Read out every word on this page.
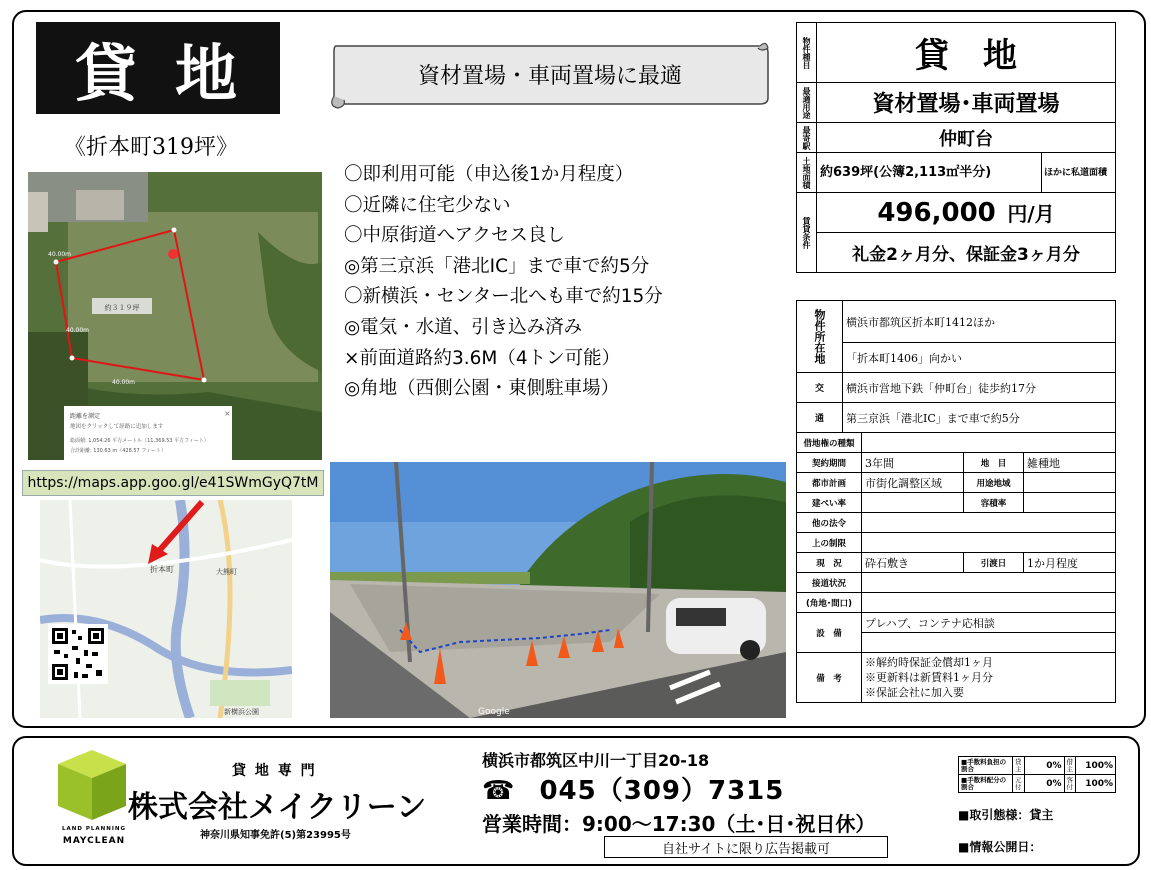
貸 地	資材置場・車両置場に最適
《折本町319坪》
約３１９坪
40.00m
40.00m
40.00m
距離を測定
地図をクリックして経路に追加します
総面積: 1,054.26 平方メートル（11,369.53 平方フィート）
合計距離: 130.63 m（428.57 フィート）
×
〇即利用可能（申込後1か月程度）
〇近隣に住宅少ない
〇中原街道へアクセス良し
◎第三京浜「港北IC」まで車で約5分
〇新横浜・センター北へも車で約15分
◎電気・水道、引き込み済み
×前面道路約3.6M（4トン可能）
◎角地（西側公園・東側駐車場）
https://maps.app.goo.gl/e41SWmGyQ7tM
折本町	大熊町
新横浜公園	Google
物件種目	貸　地	
最適用途	資材置場･車両置場	
最寄駅	仲町台	
土地面積	約639坪(公簿2,113㎡半分)	ほかに私道面積
賃貸条件	496,000 円/月	
	礼金2ヶ月分、保証金3ヶ月分	
物件所在地	横浜市都筑区折本町1412ほか			
	「折本町1406」向かい			
交	横浜市営地下鉄「仲町台」徒歩約17分			
通	第三京浜「港北IC」まで車で約5分			
借地権の種類				
契約期間		3年間	地　目	雑種地
都市計画		市街化調整区域	用途地域	
建ぺい率			容積率	
他の法令				
上の制限				
現　況		砕石敷き	引渡日	1か月程度
接道状況				
(角地･間口)				
設　備		プレハブ、コンテナ応相談		

備　考		※解約時保証金償却1ヶ月
※更新料は新賃料1ヶ月分
※保証会社に加入要		
LAND PLANNING
MAYCLEAN
貸 地 専 門
株式会社メイクリーン
神奈川県知事免許(5)第23995号
横浜市都筑区中川一丁目20-18
☎ 045（309）7315
営業時間：9:00〜17:30（土･日･祝日休）
自社サイトに限り広告掲載可
■手数料負担の割合	貸主	0%	借主	100%
■手数料配分の割合	元付	0%	客付	100%
■取引態様：貸主
■情報公開日：
